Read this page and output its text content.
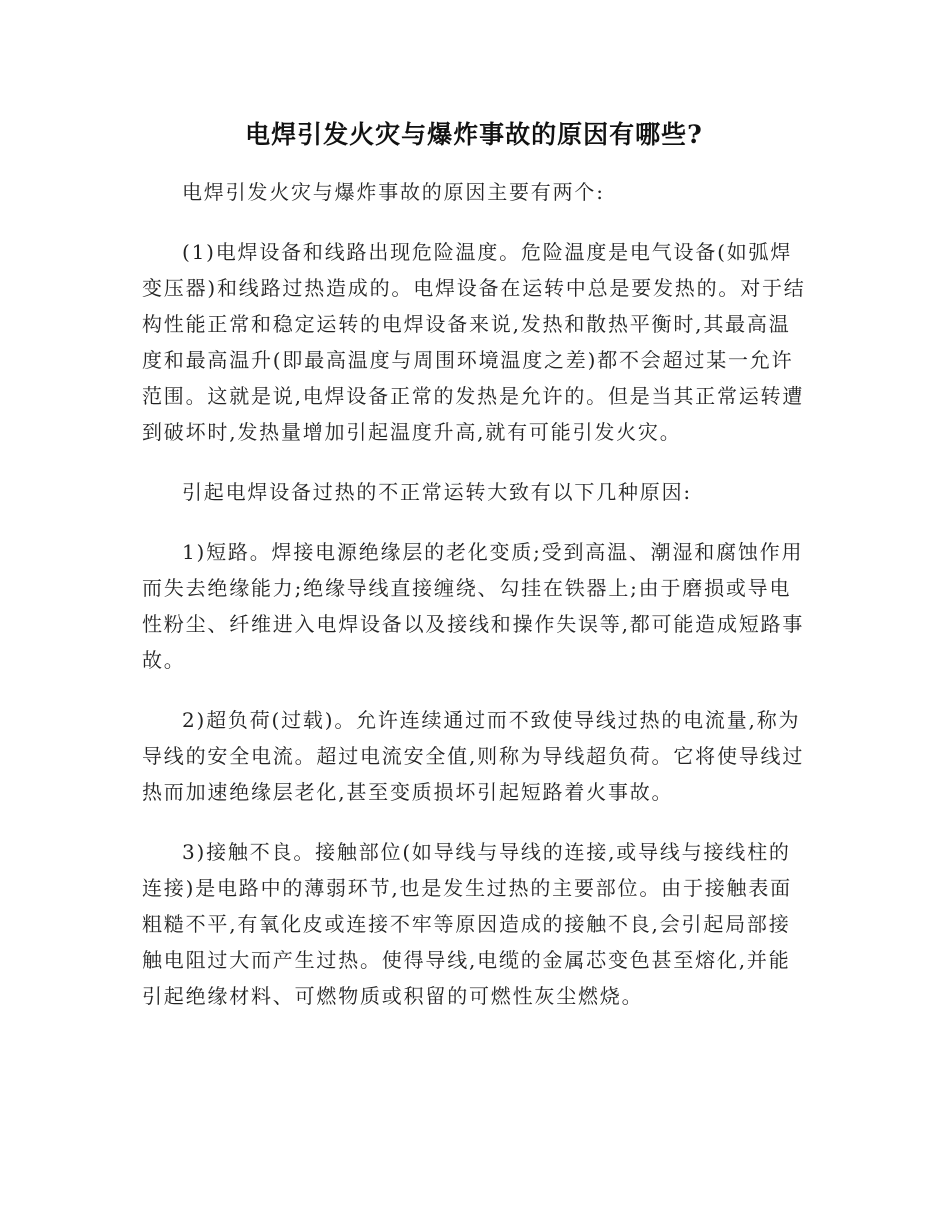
电焊引发火灾与爆炸事故的原因有哪些?

电焊引发火灾与爆炸事故的原因主要有两个:

(1)电焊设备和线路出现危险温度。危险温度是电气设备(如弧焊变压器)和线路过热造成的。电焊设备在运转中总是要发热的。对于结构性能正常和稳定运转的电焊设备来说,发热和散热平衡时,其最高温度和最高温升(即最高温度与周围环境温度之差)都不会超过某一允许范围。这就是说,电焊设备正常的发热是允许的。但是当其正常运转遭到破坏时,发热量增加引起温度升高,就有可能引发火灾。

引起电焊设备过热的不正常运转大致有以下几种原因:

1)短路。焊接电源绝缘层的老化变质;受到高温、潮湿和腐蚀作用而失去绝缘能力;绝缘导线直接缠绕、勾挂在铁器上;由于磨损或导电性粉尘、纤维进入电焊设备以及接线和操作失误等,都可能造成短路事故。

2)超负荷(过载)。允许连续通过而不致使导线过热的电流量,称为导线的安全电流。超过电流安全值,则称为导线超负荷。它将使导线过热而加速绝缘层老化,甚至变质损坏引起短路着火事故。

3)接触不良。接触部位(如导线与导线的连接,或导线与接线柱的连接)是电路中的薄弱环节,也是发生过热的主要部位。由于接触表面粗糙不平,有氧化皮或连接不牢等原因造成的接触不良,会引起局部接触电阻过大而产生过热。使得导线,电缆的金属芯变色甚至熔化,并能引起绝缘材料、可燃物质或积留的可燃性灰尘燃烧。
